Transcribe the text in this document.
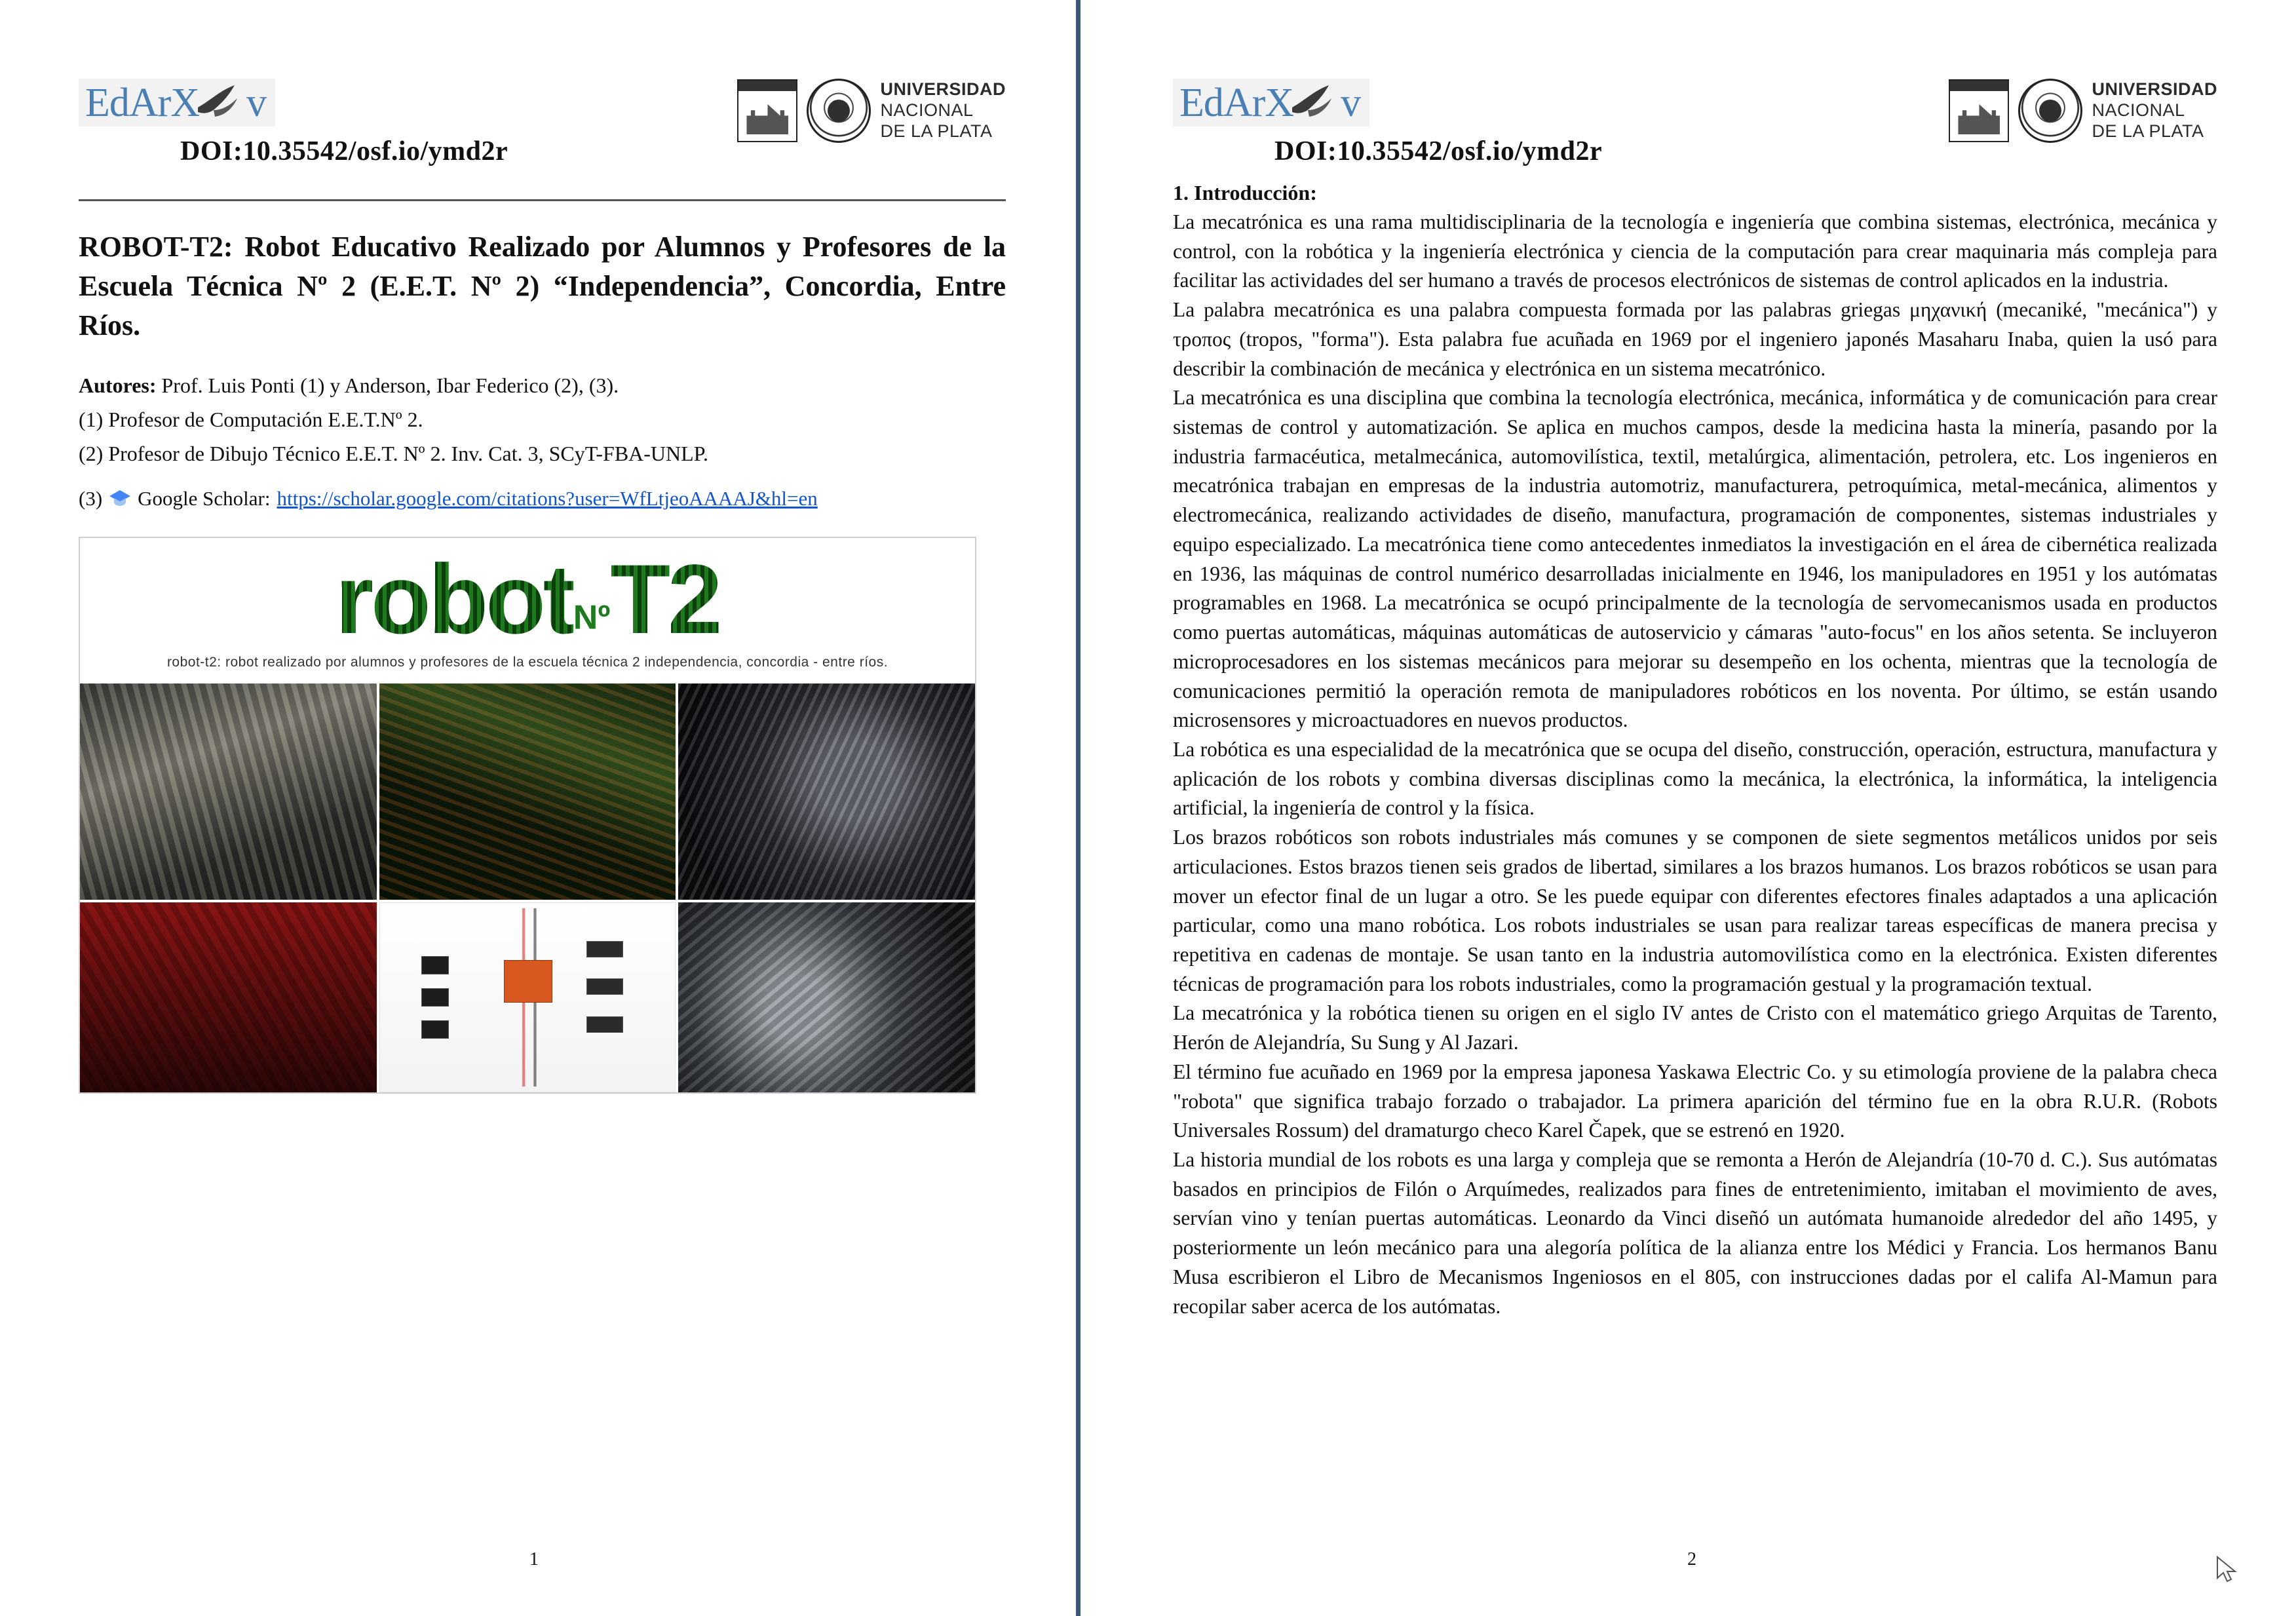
EdArX v
DOI:10.35542/osf.io/ymd2r
UNIVERSIDAD
NACIONAL
DE LA PLATA
ROBOT-T2: Robot Educativo Realizado por Alumnos y Profesores de la Escuela Técnica Nº 2 (E.E.T. Nº 2) “Independencia”, Concordia, Entre Ríos.
Autores: Prof. Luis Ponti (1) y Anderson, Ibar Federico (2), (3).
(1) Profesor de Computación E.E.T.Nº 2.
(2) Profesor de Dibujo Técnico E.E.T. Nº 2. Inv. Cat. 3, SCyT-FBA-UNLP.
(3) Google Scholar: https://scholar.google.com/citations?user=WfLtjeoAAAAJ&hl=en
robotNºT2
robot-t2: robot realizado por alumnos y profesores de la escuela técnica 2 independencia, concordia - entre ríos.
1
EdArX v
DOI:10.35542/osf.io/ymd2r
UNIVERSIDAD
NACIONAL
DE LA PLATA
1. Introducción:

La mecatrónica es una rama multidisciplinaria de la tecnología e ingeniería que combina sistemas, electrónica, mecánica y control, con la robótica y la ingeniería electrónica y ciencia de la computación para crear maquinaria más compleja para facilitar las actividades del ser humano a través de procesos electrónicos de sistemas de control aplicados en la industria.

La palabra mecatrónica es una palabra compuesta formada por las palabras griegas μηχανική (mecaniké, "mecánica") y τροπος (tropos, "forma"). Esta palabra fue acuñada en 1969 por el ingeniero japonés Masaharu Inaba, quien la usó para describir la combinación de mecánica y electrónica en un sistema mecatrónico.

La mecatrónica es una disciplina que combina la tecnología electrónica, mecánica, informática y de comunicación para crear sistemas de control y automatización. Se aplica en muchos campos, desde la medicina hasta la minería, pasando por la industria farmacéutica, metalmecánica, automovilística, textil, metalúrgica, alimentación, petrolera, etc. Los ingenieros en mecatrónica trabajan en empresas de la industria automotriz, manufacturera, petroquímica, metal-mecánica, alimentos y electromecánica, realizando actividades de diseño, manufactura, programación de componentes, sistemas industriales y equipo especializado. La mecatrónica tiene como antecedentes inmediatos la investigación en el área de cibernética realizada en 1936, las máquinas de control numérico desarrolladas inicialmente en 1946, los manipuladores en 1951 y los autómatas programables en 1968. La mecatrónica se ocupó principalmente de la tecnología de servomecanismos usada en productos como puertas automáticas, máquinas automáticas de autoservicio y cámaras "auto-focus" en los años setenta. Se incluyeron microprocesadores en los sistemas mecánicos para mejorar su desempeño en los ochenta, mientras que la tecnología de comunicaciones permitió la operación remota de manipuladores robóticos en los noventa. Por último, se están usando microsensores y microactuadores en nuevos productos.

La robótica es una especialidad de la mecatrónica que se ocupa del diseño, construcción, operación, estructura, manufactura y aplicación de los robots y combina diversas disciplinas como la mecánica, la electrónica, la informática, la inteligencia artificial, la ingeniería de control y la física.

Los brazos robóticos son robots industriales más comunes y se componen de siete segmentos metálicos unidos por seis articulaciones. Estos brazos tienen seis grados de libertad, similares a los brazos humanos. Los brazos robóticos se usan para mover un efector final de un lugar a otro. Se les puede equipar con diferentes efectores finales adaptados a una aplicación particular, como una mano robótica. Los robots industriales se usan para realizar tareas específicas de manera precisa y repetitiva en cadenas de montaje. Se usan tanto en la industria automovilística como en la electrónica. Existen diferentes técnicas de programación para los robots industriales, como la programación gestual y la programación textual.

La mecatrónica y la robótica tienen su origen en el siglo IV antes de Cristo con el matemático griego Arquitas de Tarento, Herón de Alejandría, Su Sung y Al Jazari.

El término fue acuñado en 1969 por la empresa japonesa Yaskawa Electric Co. y su etimología proviene de la palabra checa "robota" que significa trabajo forzado o trabajador. La primera aparición del término fue en la obra R.U.R. (Robots Universales Rossum) del dramaturgo checo Karel Čapek, que se estrenó en 1920.

La historia mundial de los robots es una larga y compleja que se remonta a Herón de Alejandría (10-70 d. C.). Sus autómatas basados en principios de Filón o Arquímedes, realizados para fines de entretenimiento, imitaban el movimiento de aves, servían vino y tenían puertas automáticas. Leonardo da Vinci diseñó un autómata humanoide alrededor del año 1495, y posteriormente un león mecánico para una alegoría política de la alianza entre los Médici y Francia. Los hermanos Banu Musa escribieron el Libro de Mecanismos Ingeniosos en el 805, con instrucciones dadas por el califa Al-Mamun para recopilar saber acerca de los autómatas.

2
